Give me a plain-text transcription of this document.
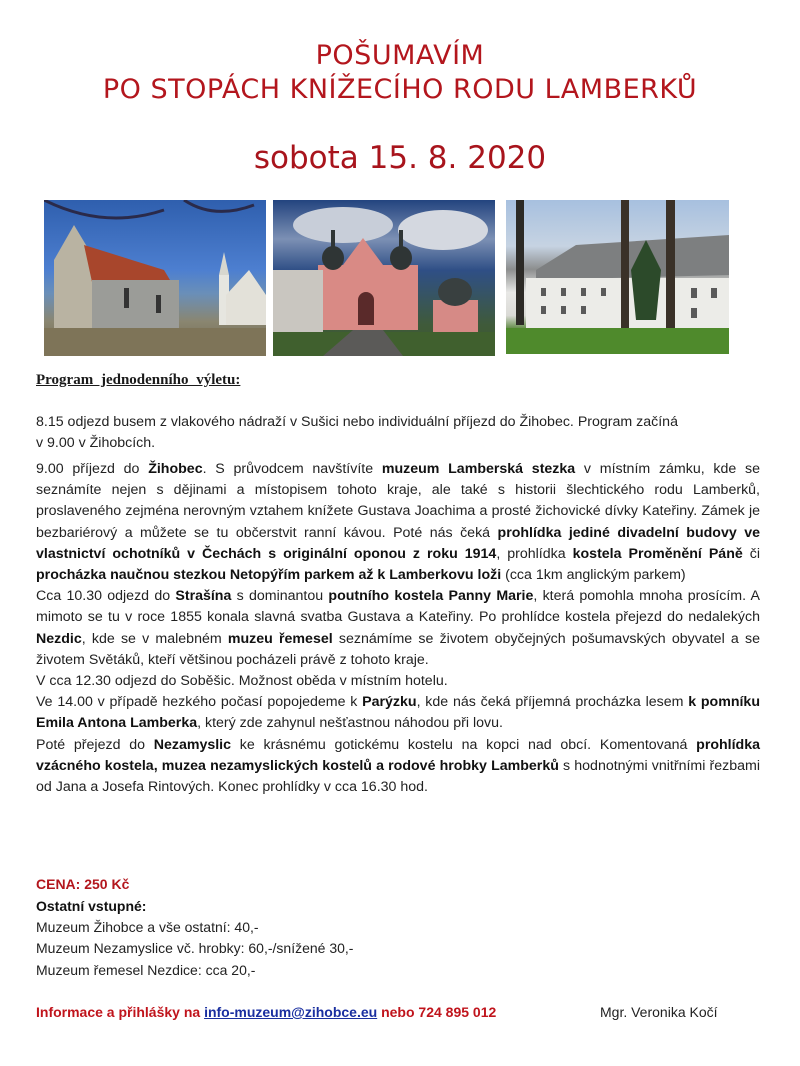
POŠUMAVÍM
PO STOPÁCH KNÍŽECÍHO RODU LAMBERKŮ
sobota 15. 8. 2020
Program jednodenního výletu:
8.15 odjezd busem z vlakového nádraží v Sušici nebo individuální příjezd do Žihobec. Program začíná
v 9.00 v Žihobcích.
9.00 příjezd do Žihobec. S průvodcem navštívíte muzeum Lamberská stezka v místním zámku, kde se seznámíte nejen s dějinami a místopisem tohoto kraje, ale také s historii šlechtického rodu Lamberků, proslaveného zejména nerovným vztahem knížete Gustava Joachima a prosté žichovické dívky Kateřiny. Zámek je bezbariérový a můžete se tu občerstvit ranní kávou. Poté nás čeká prohlídka jediné divadelní budovy ve vlastnictví ochotníků v Čechách s originální oponou z roku 1914, prohlídka kostela Proměnění Páně či procházka naučnou stezkou Netopýřím parkem až k Lamberkovu loži (cca 1km anglickým parkem)
Cca 10.30 odjezd do Strašína s dominantou poutního kostela Panny Marie, která pomohla mnoha prosícím. A mimoto se tu v roce 1855 konala slavná svatba Gustava a Kateřiny. Po prohlídce kostela přejezd do nedalekých Nezdic, kde se v malebném muzeu řemesel seznámíme se životem obyčejných pošumavských obyvatel a se životem Světáků, kteří většinou pocházeli právě z tohoto kraje.
V cca 12.30 odjezd do Soběšic. Možnost oběda v místním hotelu.
Ve 14.00 v případě hezkého počasí popojedeme k Parýzku, kde nás čeká příjemná procházka lesem k pomníku Emila Antona Lamberka, který zde zahynul nešťastnou náhodou při lovu.
Poté přejezd do Nezamyslic ke krásnému gotickému kostelu na kopci nad obcí. Komentovaná prohlídka vzácného kostela, muzea nezamyslických kostelů a rodové hrobky Lamberků s hodnotnými vnitřními řezbami od Jana a Josefa Rintových. Konec prohlídky v cca 16.30 hod.
CENA: 250 Kč
Ostatní vstupné:
Muzeum Žihobce a vše ostatní: 40,-
Muzeum Nezamyslice vč. hrobky: 60,-/snížené 30,-
Muzeum řemesel Nezdice: cca 20,-
Informace a přihlášky na info-muzeum@zihobce.eu nebo 724 895 012	Mgr. Veronika Kočí
